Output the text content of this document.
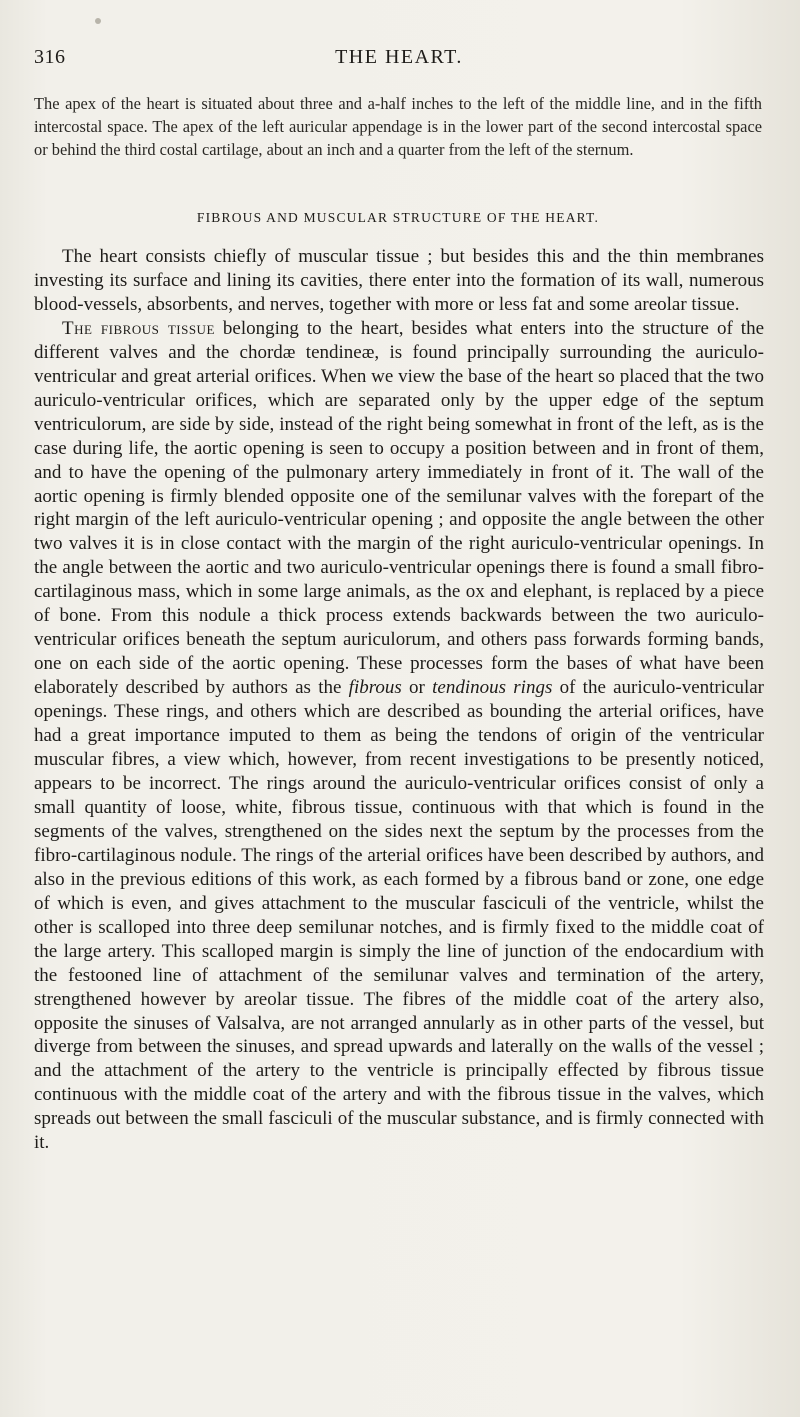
316	THE HEART.
The apex of the heart is situated about three and a-half inches to the left of the middle line, and in the fifth intercostal space. The apex of the left auricular appendage is in the lower part of the second intercostal space or behind the third costal cartilage, about an inch and a quarter from the left of the sternum.
FIBROUS AND MUSCULAR STRUCTURE OF THE HEART.

The heart consists chiefly of muscular tissue ; but besides this and the thin membranes investing its surface and lining its cavities, there enter into the formation of its wall, numerous blood-vessels, absorbents, and nerves, together with more or less fat and some areolar tissue.

The fibrous tissue belonging to the heart, besides what enters into the structure of the different valves and the chordæ tendineæ, is found principally surrounding the auriculo-ventricular and great arterial orifices. When we view the base of the heart so placed that the two auriculo-ventricular orifices, which are separated only by the upper edge of the septum ventriculorum, are side by side, instead of the right being somewhat in front of the left, as is the case during life, the aortic opening is seen to occupy a position between and in front of them, and to have the opening of the pulmonary artery immediately in front of it. The wall of the aortic opening is firmly blended opposite one of the semilunar valves with the forepart of the right margin of the left auriculo-ventricular opening ; and opposite the angle between the other two valves it is in close contact with the margin of the right auriculo-ventricular openings. In the angle between the aortic and two auriculo-ventricular openings there is found a small fibro-cartilaginous mass, which in some large animals, as the ox and elephant, is replaced by a piece of bone. From this nodule a thick process extends backwards between the two auriculo-ventricular orifices beneath the septum auriculorum, and others pass forwards forming bands, one on each side of the aortic opening. These processes form the bases of what have been elaborately described by authors as the fibrous or tendinous rings of the auriculo-ventricular openings. These rings, and others which are described as bounding the arterial orifices, have had a great importance imputed to them as being the tendons of origin of the ventricular muscular fibres, a view which, however, from recent investigations to be presently noticed, appears to be incorrect. The rings around the auriculo-ventricular orifices consist of only a small quantity of loose, white, fibrous tissue, continuous with that which is found in the segments of the valves, strengthened on the sides next the septum by the processes from the fibro-cartilaginous nodule. The rings of the arterial orifices have been described by authors, and also in the previous editions of this work, as each formed by a fibrous band or zone, one edge of which is even, and gives attachment to the muscular fasciculi of the ventricle, whilst the other is scalloped into three deep semilunar notches, and is firmly fixed to the middle coat of the large artery. This scalloped margin is simply the line of junction of the endocardium with the festooned line of attachment of the semilunar valves and termination of the artery, strengthened however by areolar tissue. The fibres of the middle coat of the artery also, opposite the sinuses of Valsalva, are not arranged annularly as in other parts of the vessel, but diverge from between the sinuses, and spread upwards and laterally on the walls of the vessel ; and the attachment of the artery to the ventricle is principally effected by fibrous tissue continuous with the middle coat of the artery and with the fibrous tissue in the valves, which spreads out between the small fasciculi of the muscular substance, and is firmly connected with it.
